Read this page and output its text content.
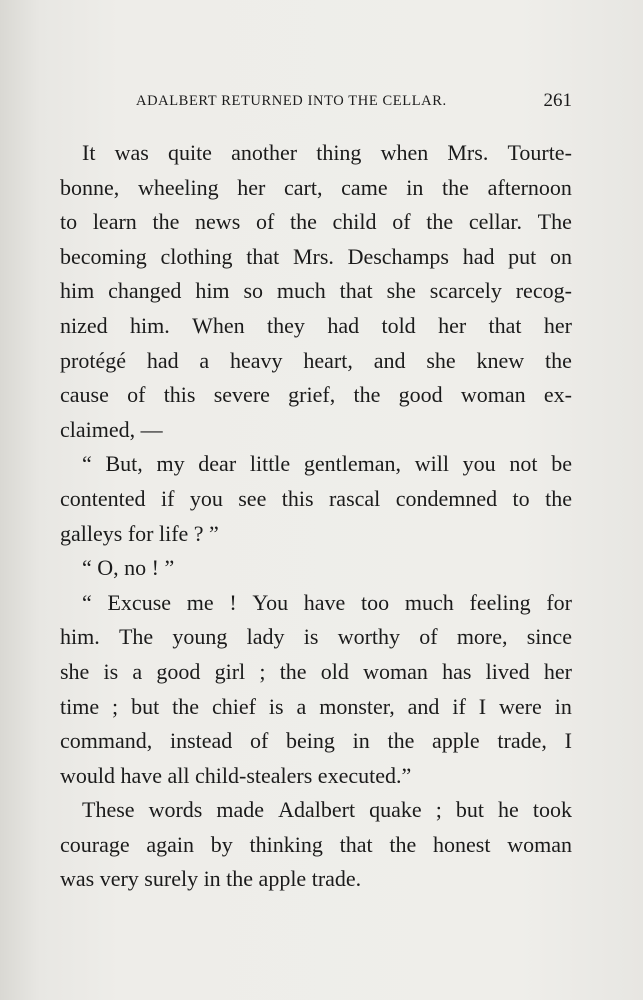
ADALBERT RETURNED INTO THE CELLAR.	261
It was quite another thing when Mrs. Tourte-
bonne, wheeling her cart, came in the afternoon
to learn the news of the child of the cellar. The
becoming clothing that Mrs. Deschamps had put on
him changed him so much that she scarcely recog-
nized him. When they had told her that her
protégé had a heavy heart, and she knew the
cause of this severe grief, the good woman ex-
claimed, —
“ But, my dear little gentleman, will you not be
contented if you see this rascal condemned to the
galleys for life ? ”
“ O, no ! ”
“ Excuse me ! You have too much feeling for
him. The young lady is worthy of more, since
she is a good girl ; the old woman has lived her
time ; but the chief is a monster, and if I were in
command, instead of being in the apple trade, I
would have all child-stealers executed.”
These words made Adalbert quake ; but he took
courage again by thinking that the honest woman
was very surely in the apple trade.
